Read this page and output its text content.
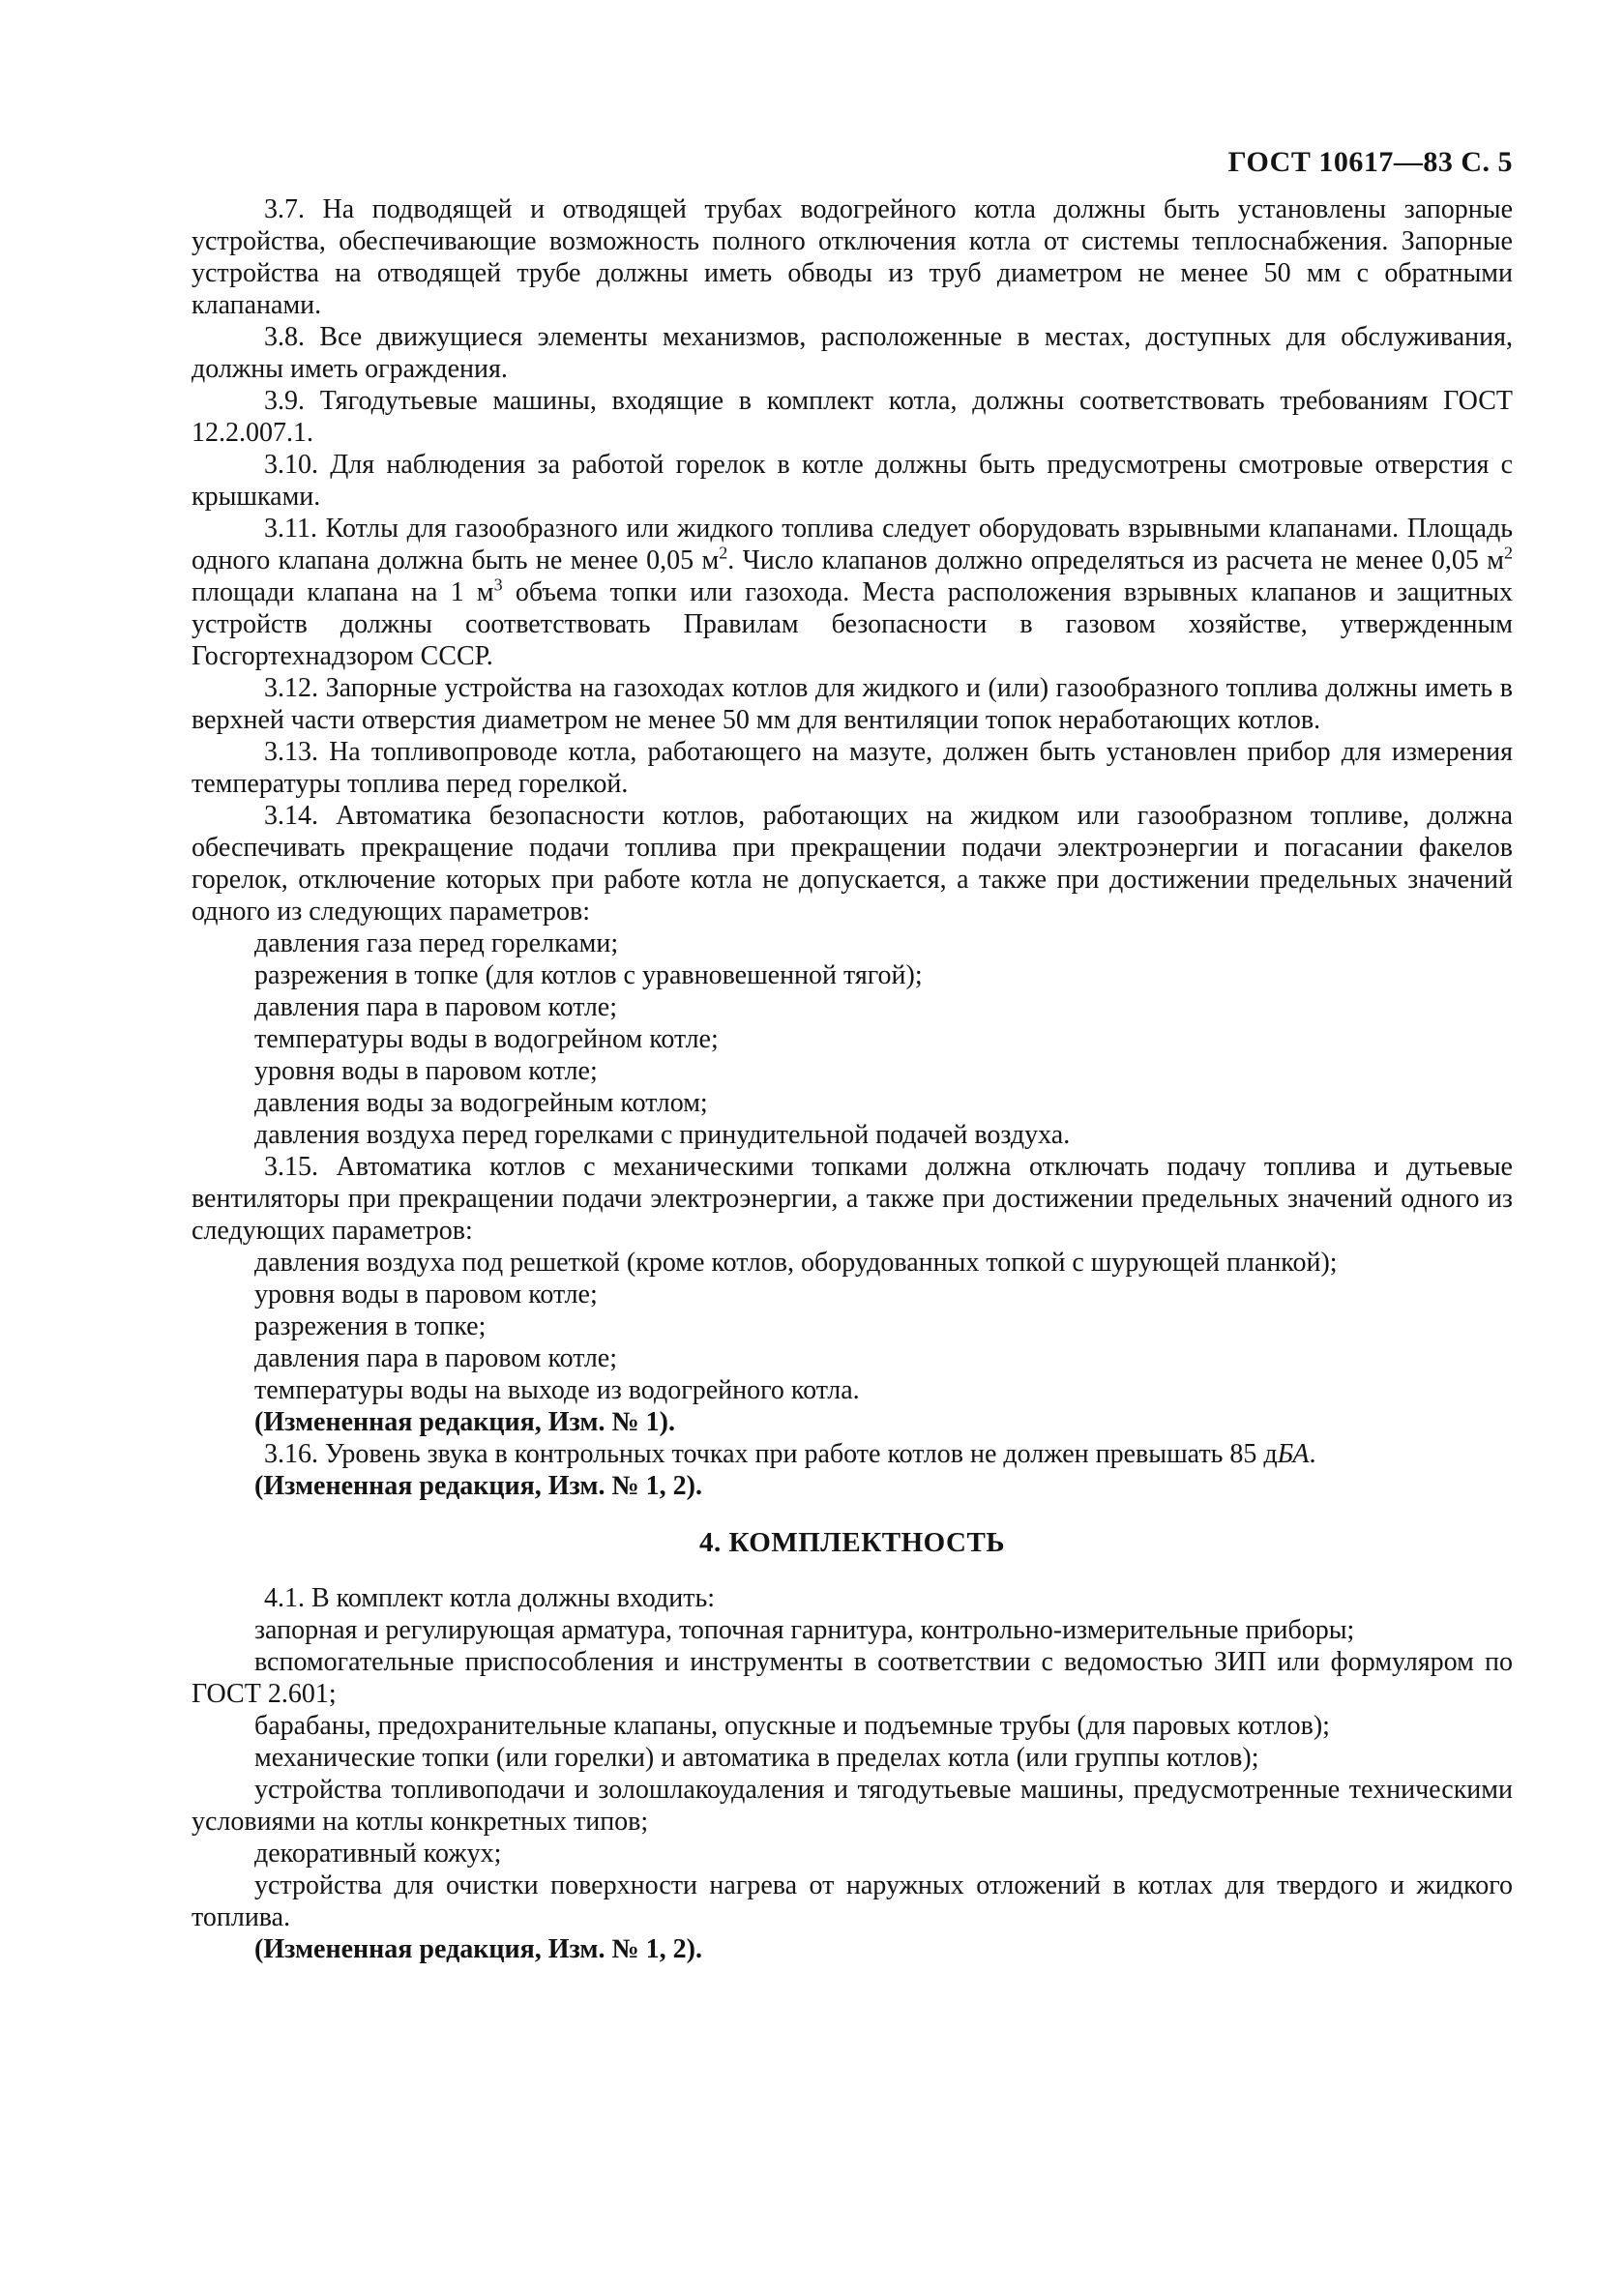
ГОСТ 10617—83 С. 5

3.7. На подводящей и отводящей трубах водогрейного котла должны быть установлены запорные устройства, обеспечивающие возможность полного отключения котла от системы теплоснабжения. Запорные устройства на отводящей трубе должны иметь обводы из труб диаметром не менее 50 мм с обратными клапанами.

3.8. Все движущиеся элементы механизмов, расположенные в местах, доступных для обслуживания, должны иметь ограждения.

3.9. Тягодутьевые машины, входящие в комплект котла, должны соответствовать требованиям ГОСТ 12.2.007.1.

3.10. Для наблюдения за работой горелок в котле должны быть предусмотрены смотровые отверстия с крышками.

3.11. Котлы для газообразного или жидкого топлива следует оборудовать взрывными клапанами. Площадь одного клапана должна быть не менее 0,05 $м^2$. Число клапанов должно определяться из расчета не менее 0,05 $м^2$ площади клапана на 1 $м^3$ объема топки или газохода. Места расположения взрывных клапанов и защитных устройств должны соответствовать Правилам безопасности в газовом хозяйстве, утвержденным Госгортехнадзором СССР.

3.12. Запорные устройства на газоходах котлов для жидкого и (или) газообразного топлива должны иметь в верхней части отверстия диаметром не менее 50 мм для вентиляции топок неработающих котлов.

3.13. На топливопроводе котла, работающего на мазуте, должен быть установлен прибор для измерения температуры топлива перед горелкой.

3.14. Автоматика безопасности котлов, работающих на жидком или газообразном топливе, должна обеспечивать прекращение подачи топлива при прекращении подачи электроэнергии и погасании факелов горелок, отключение которых при работе котла не допускается, а также при достижении предельных значений одного из следующих параметров:

давления газа перед горелками;

разрежения в топке (для котлов с уравновешенной тягой);

давления пара в паровом котле;

температуры воды в водогрейном котле;

уровня воды в паровом котле;

давления воды за водогрейным котлом;

давления воздуха перед горелками с принудительной подачей воздуха.

3.15. Автоматика котлов с механическими топками должна отключать подачу топлива и дутьевые вентиляторы при прекращении подачи электроэнергии, а также при достижении предельных значений одного из следующих параметров:

давления воздуха под решеткой (кроме котлов, оборудованных топкой с шурующей планкой);

уровня воды в паровом котле;

разрежения в топке;

давления пара в паровом котле;

температуры воды на выходе из водогрейного котла.

(Измененная редакция, Изм. № 1).

3.16. Уровень звука в контрольных точках при работе котлов не должен превышать 85 дБА.

(Измененная редакция, Изм. № 1, 2).

4. КОМПЛЕКТНОСТЬ

4.1. В комплект котла должны входить:

запорная и регулирующая арматура, топочная гарнитура, контрольно-измерительные приборы;

вспомогательные приспособления и инструменты в соответствии с ведомостью ЗИП или формуляром по ГОСТ 2.601;

барабаны, предохранительные клапаны, опускные и подъемные трубы (для паровых котлов);

механические топки (или горелки) и автоматика в пределах котла (или группы котлов);

устройства топливоподачи и золошлакоудаления и тягодутьевые машины, предусмотренные техническими условиями на котлы конкретных типов;

декоративный кожух;

устройства для очистки поверхности нагрева от наружных отложений в котлах для твердого и жидкого топлива.

(Измененная редакция, Изм. № 1, 2).
